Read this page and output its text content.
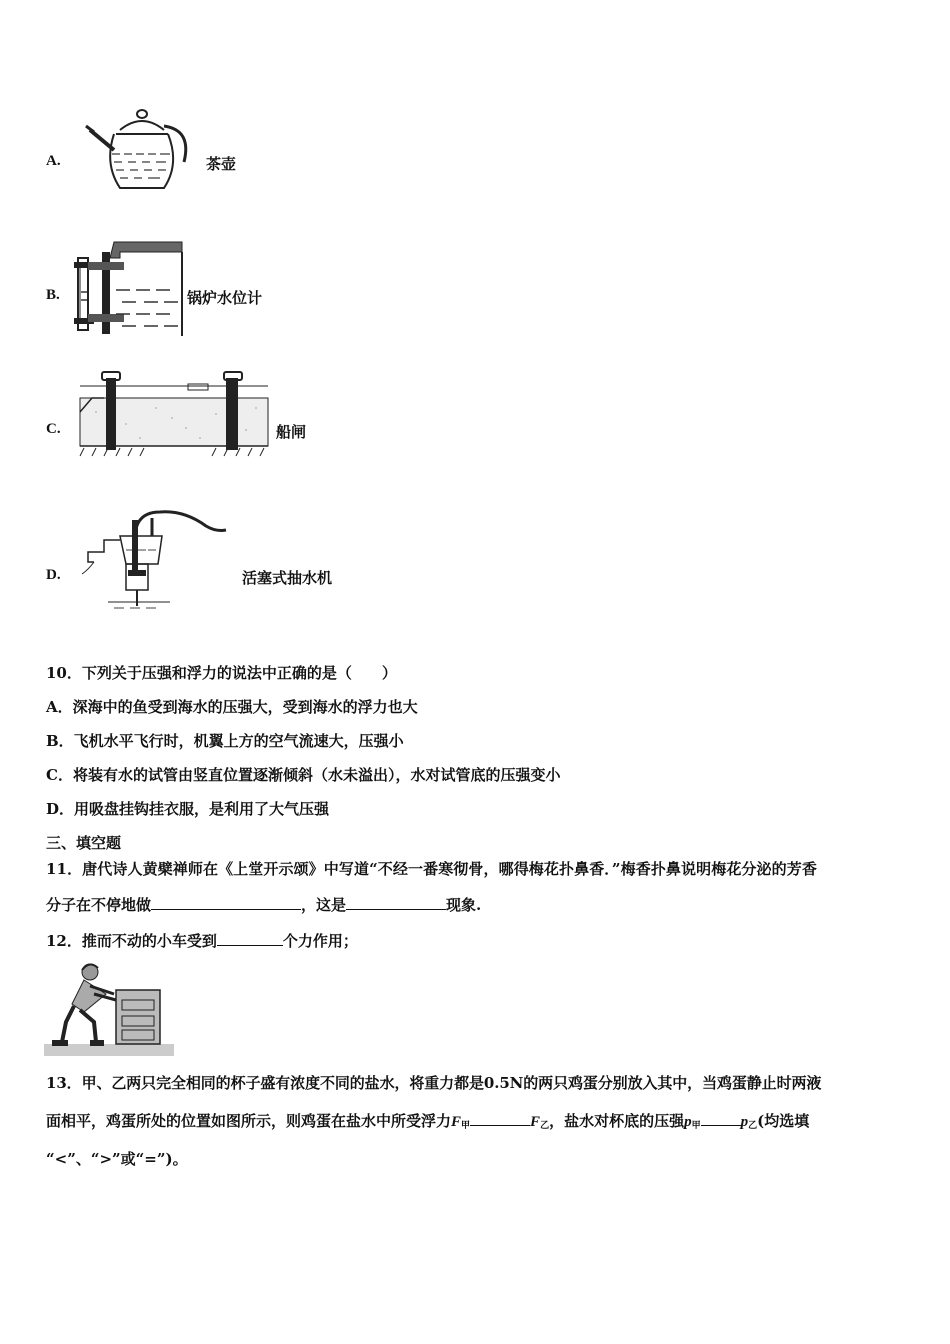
A.	茶壶
B.	锅炉水位计
C.	船闸
D.	活塞式抽水机
10．下列关于压强和浮力的说法中正确的是（　　）
A．深海中的鱼受到海水的压强大，受到海水的浮力也大
B．飞机水平飞行时，机翼上方的空气流速大，压强小
C．将装有水的试管由竖直位置逐渐倾斜（水未溢出），水对试管底的压强变小
D．用吸盘挂钩挂衣服，是利用了大气压强
三、填空题
11．唐代诗人黄檗禅师在《上堂开示颂》中写道“不经一番寒彻骨，哪得梅花扑鼻香．”梅香扑鼻说明梅花分泌的芳香
分子在不停地做	，这是	现象.
12．推而不动的小车受到	个力作用；
13．甲、乙两只完全相同的杯子盛有浓度不同的盐水，将重力都是0.5N的两只鸡蛋分别放入其中，当鸡蛋静止时两液
面相平，鸡蛋所处的位置如图所示，则鸡蛋在盐水中所受浮力$F_甲$	$F_乙$，盐水对杯底的压强$p_甲$	$p_乙$(均选填
“<”、“>”或“=”)。
